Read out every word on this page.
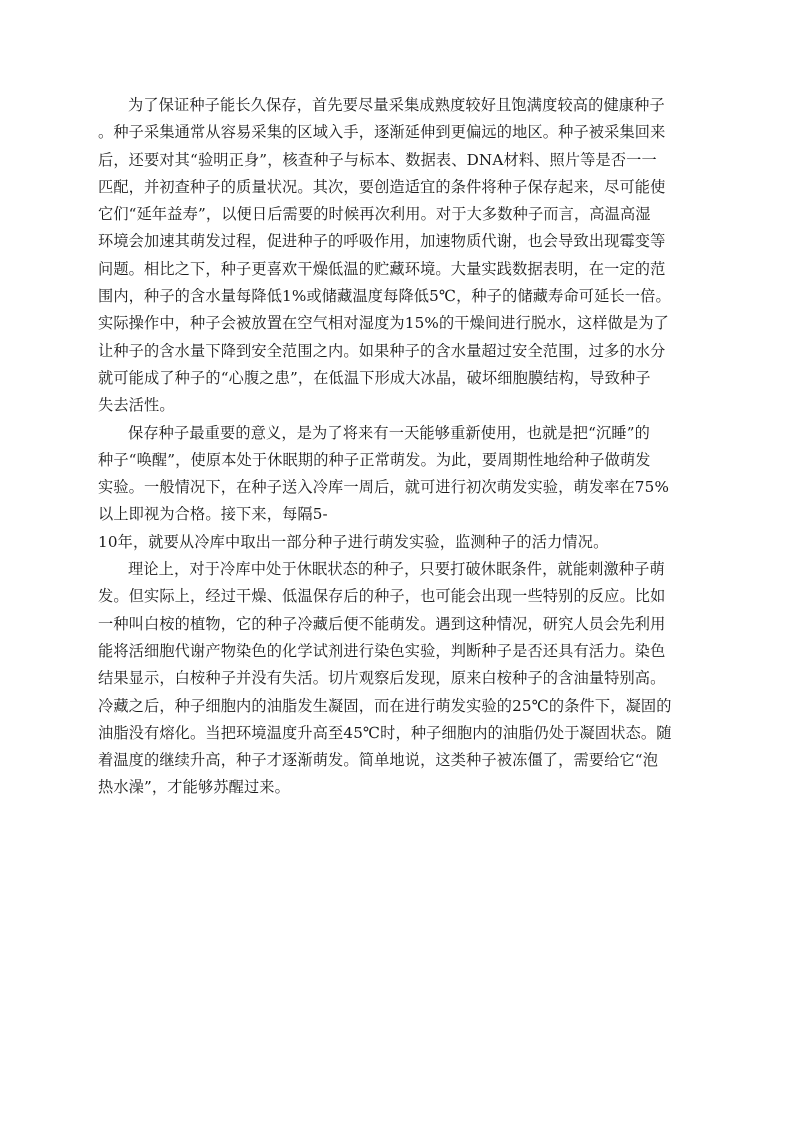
为了保证种子能长久保存，首先要尽量采集成熟度较好且饱满度较高的健康种子
。种子采集通常从容易采集的区域入手，逐渐延伸到更偏远的地区。种子被采集回来
后，还要对其“验明正身”，核查种子与标本、数据表、DNA材料、照片等是否一一
匹配，并初查种子的质量状况。其次，要创造适宜的条件将种子保存起来，尽可能使
它们“延年益寿”，以便日后需要的时候再次利用。对于大多数种子而言，高温高湿
环境会加速其萌发过程，促进种子的呼吸作用，加速物质代谢，也会导致出现霉变等
问题。相比之下，种子更喜欢干燥低温的贮藏环境。大量实践数据表明，在一定的范
围内，种子的含水量每降低1%或储藏温度每降低5℃，种子的储藏寿命可延长一倍。
实际操作中，种子会被放置在空气相对湿度为15%的干燥间进行脱水，这样做是为了
让种子的含水量下降到安全范围之内。如果种子的含水量超过安全范围，过多的水分
就可能成了种子的“心腹之患”，在低温下形成大冰晶，破坏细胞膜结构，导致种子
失去活性。
保存种子最重要的意义，是为了将来有一天能够重新使用，也就是把“沉睡”的
种子“唤醒”，使原本处于休眠期的种子正常萌发。为此，要周期性地给种子做萌发
实验。一般情况下，在种子送入冷库一周后，就可进行初次萌发实验，萌发率在75%
以上即视为合格。接下来，每隔5-
10年，就要从冷库中取出一部分种子进行萌发实验，监测种子的活力情况。
理论上，对于冷库中处于休眠状态的种子，只要打破休眠条件，就能刺激种子萌
发。但实际上，经过干燥、低温保存后的种子，也可能会出现一些特别的反应。比如
一种叫白桉的植物，它的种子冷藏后便不能萌发。遇到这种情况，研究人员会先利用
能将活细胞代谢产物染色的化学试剂进行染色实验，判断种子是否还具有活力。染色
结果显示，白桉种子并没有失活。切片观察后发现，原来白桉种子的含油量特别高。
冷藏之后，种子细胞内的油脂发生凝固，而在进行萌发实验的25℃的条件下，凝固的
油脂没有熔化。当把环境温度升高至45℃时，种子细胞内的油脂仍处于凝固状态。随
着温度的继续升高，种子才逐渐萌发。简单地说，这类种子被冻僵了，需要给它“泡
热水澡”，才能够苏醒过来。
